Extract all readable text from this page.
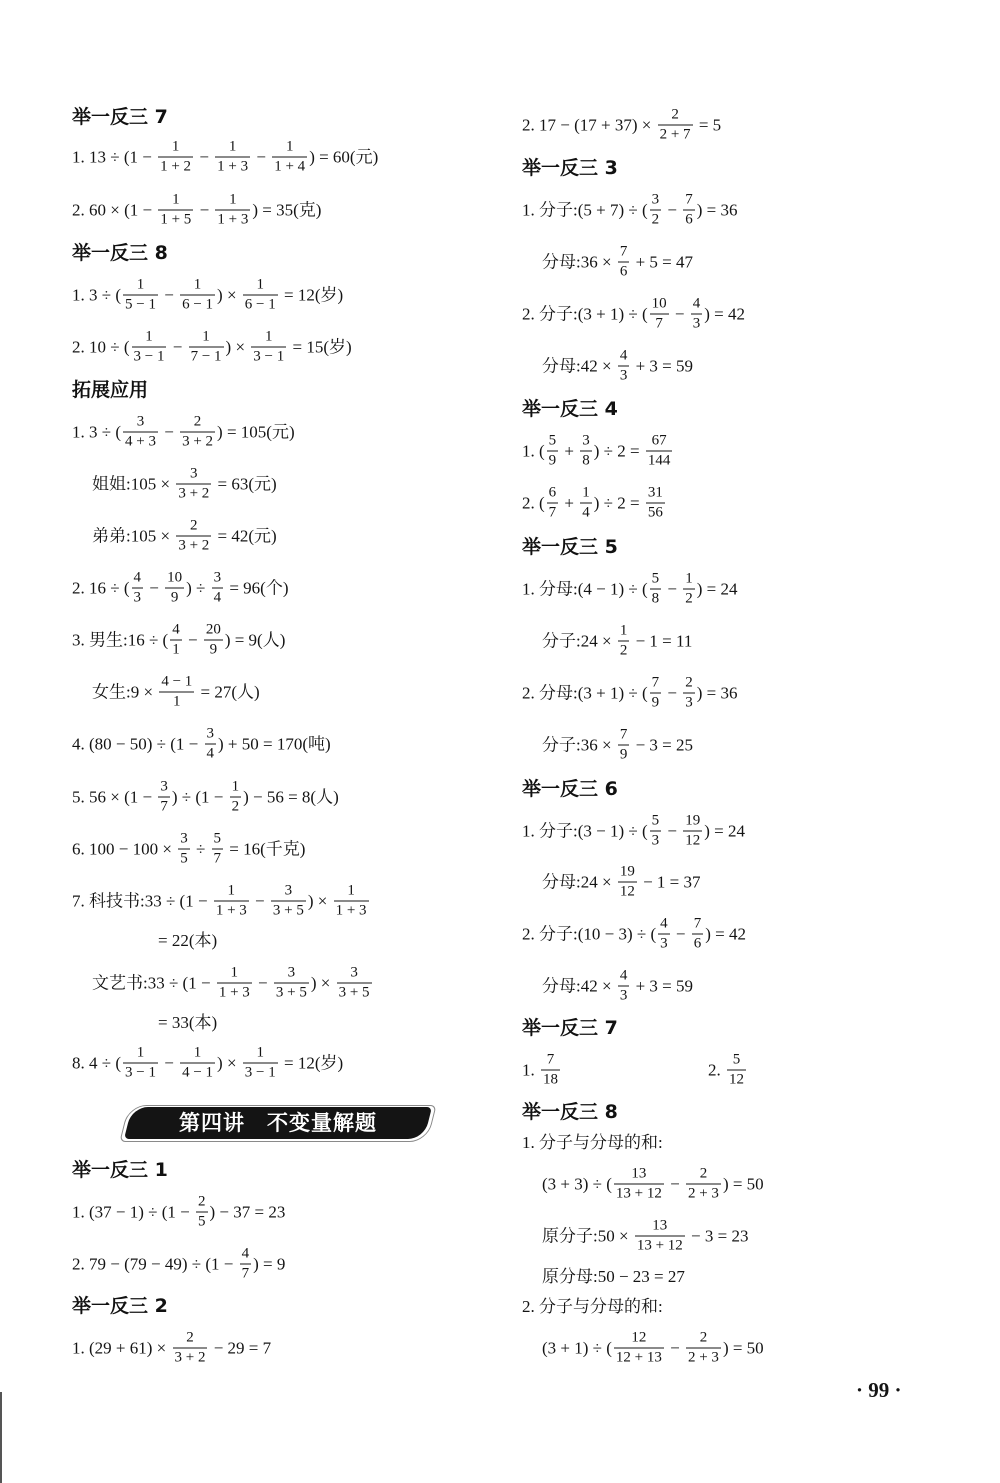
举一反三 7
1. $13 \div (1 - \frac{1}{1 + 2} - \frac{1}{1 + 3} - \frac{1}{1 + 4}$ ) = 60(元)
2. $60 \times (1 - \frac{1}{1 + 5} - \frac{1}{1 + 3}$ ) = 35(克)
举一反三 8
1. 3 ÷ ( $\frac{1}{5 - 1} - \frac{1}{6 - 1}$ ) × $\frac{1}{6 - 1} = 12$(岁)
2. 10 ÷ ( $\frac{1}{3 - 1} - \frac{1}{7 - 1}$ ) × $\frac{1}{3 - 1} = 15$(岁)
拓展应用
1. 3 ÷ ( $\frac{3}{4 + 3} - \frac{2}{3 + 2}$ ) = 105(元)
姐姐:105 × $\frac{3}{3 + 2} = 63$(元)
弟弟:105 × $\frac{2}{3 + 2} = 42$(元)
2. 16 ÷ ( $\frac{4}{3} - \frac{10}{9}$ ) ÷ $\frac{3}{4} = 96$(个)
3. 男生:16 ÷ ( $\frac{4}{1} - \frac{20}{9}$ ) = 9(人)
女生:9 × $\frac{4 - 1}{1} = 27$(人)
4. $(80 - 50) \div (1 - \frac{3}{4}$ ) + 50 = 170(吨)
5. $56 \times (1 - \frac{3}{7}$ ) ÷ ($1 - \frac{1}{2}$ ) − 56 = 8(人)
6. $100 - 100 \times \frac{3}{5} \div \frac{5}{7} = 16$(千克)
7. 科技书:33 ÷ ($1 - \frac{1}{1 + 3} - \frac{3}{3 + 5}$ ) × $\frac{1}{1 + 3}$
= 22(本)
文艺书:33 ÷ ($1 - \frac{1}{1 + 3} - \frac{3}{3 + 5}$ ) × $\frac{3}{3 + 5}$
= 33(本)
8. 4 ÷ ( $\frac{1}{3 - 1} - \frac{1}{4 - 1}$ ) × $\frac{1}{3 - 1} = 12$(岁)
第四讲　不变量解题
举一反三 1
1. $(37 - 1) \div (1 - \frac{2}{5}$ ) − 37 = 23
2. $79 - (79 - 49) \div (1 - \frac{4}{7}$ ) = 9
举一反三 2
1. $(29 + 61) \times \frac{2}{3 + 2} - 29 = 7$
2. $17 - (17 + 37) \times \frac{2}{2 + 7} = 5$
举一反三 3
1. 分子:(5 + 7) ÷ ( $\frac{3}{2} - \frac{7}{6}$ ) = 36
分母:36 × $\frac{7}{6} + 5 = 47$
2. 分子:(3 + 1) ÷ ( $\frac{10}{7} - \frac{4}{3}$ ) = 42
分母:42 × $\frac{4}{3} + 3 = 59$
举一反三 4
1. ( $\frac{5}{9} + \frac{3}{8}$ ) ÷ $2 = \frac{67}{144}$
2. ( $\frac{6}{7} + \frac{1}{4}$ ) ÷ $2 = \frac{31}{56}$
举一反三 5
1. 分母:(4 − 1) ÷ ( $\frac{5}{8} - \frac{1}{2}$ ) = 24
分子:24 × $\frac{1}{2} - 1 = 11$
2. 分母:(3 + 1) ÷ ( $\frac{7}{9} - \frac{2}{3}$ ) = 36
分子:36 × $\frac{7}{9} - 3 = 25$
举一反三 6
1. 分子:(3 − 1) ÷ ( $\frac{5}{3} - \frac{19}{12}$ ) = 24
分母:24 × $\frac{19}{12} - 1 = 37$
2. 分子:(10 − 3) ÷ ( $\frac{4}{3} - \frac{7}{6}$ ) = 42
分母:42 × $\frac{4}{3} + 3 = 59$
举一反三 7
1. $\frac{7}{18}$	2. $\frac{5}{12}$
举一反三 8
1. 分子与分母的和:
(3 + 3) ÷ ( $\frac{13}{13 + 12} - \frac{2}{2 + 3}$ ) = 50
原分子:50 × $\frac{13}{13 + 12} - 3 = 23$
原分母:50 − 23 = 27
2. 分子与分母的和:
(3 + 1) ÷ ( $\frac{12}{12 + 13} - \frac{2}{2 + 3}$ ) = 50
· 99 ·
